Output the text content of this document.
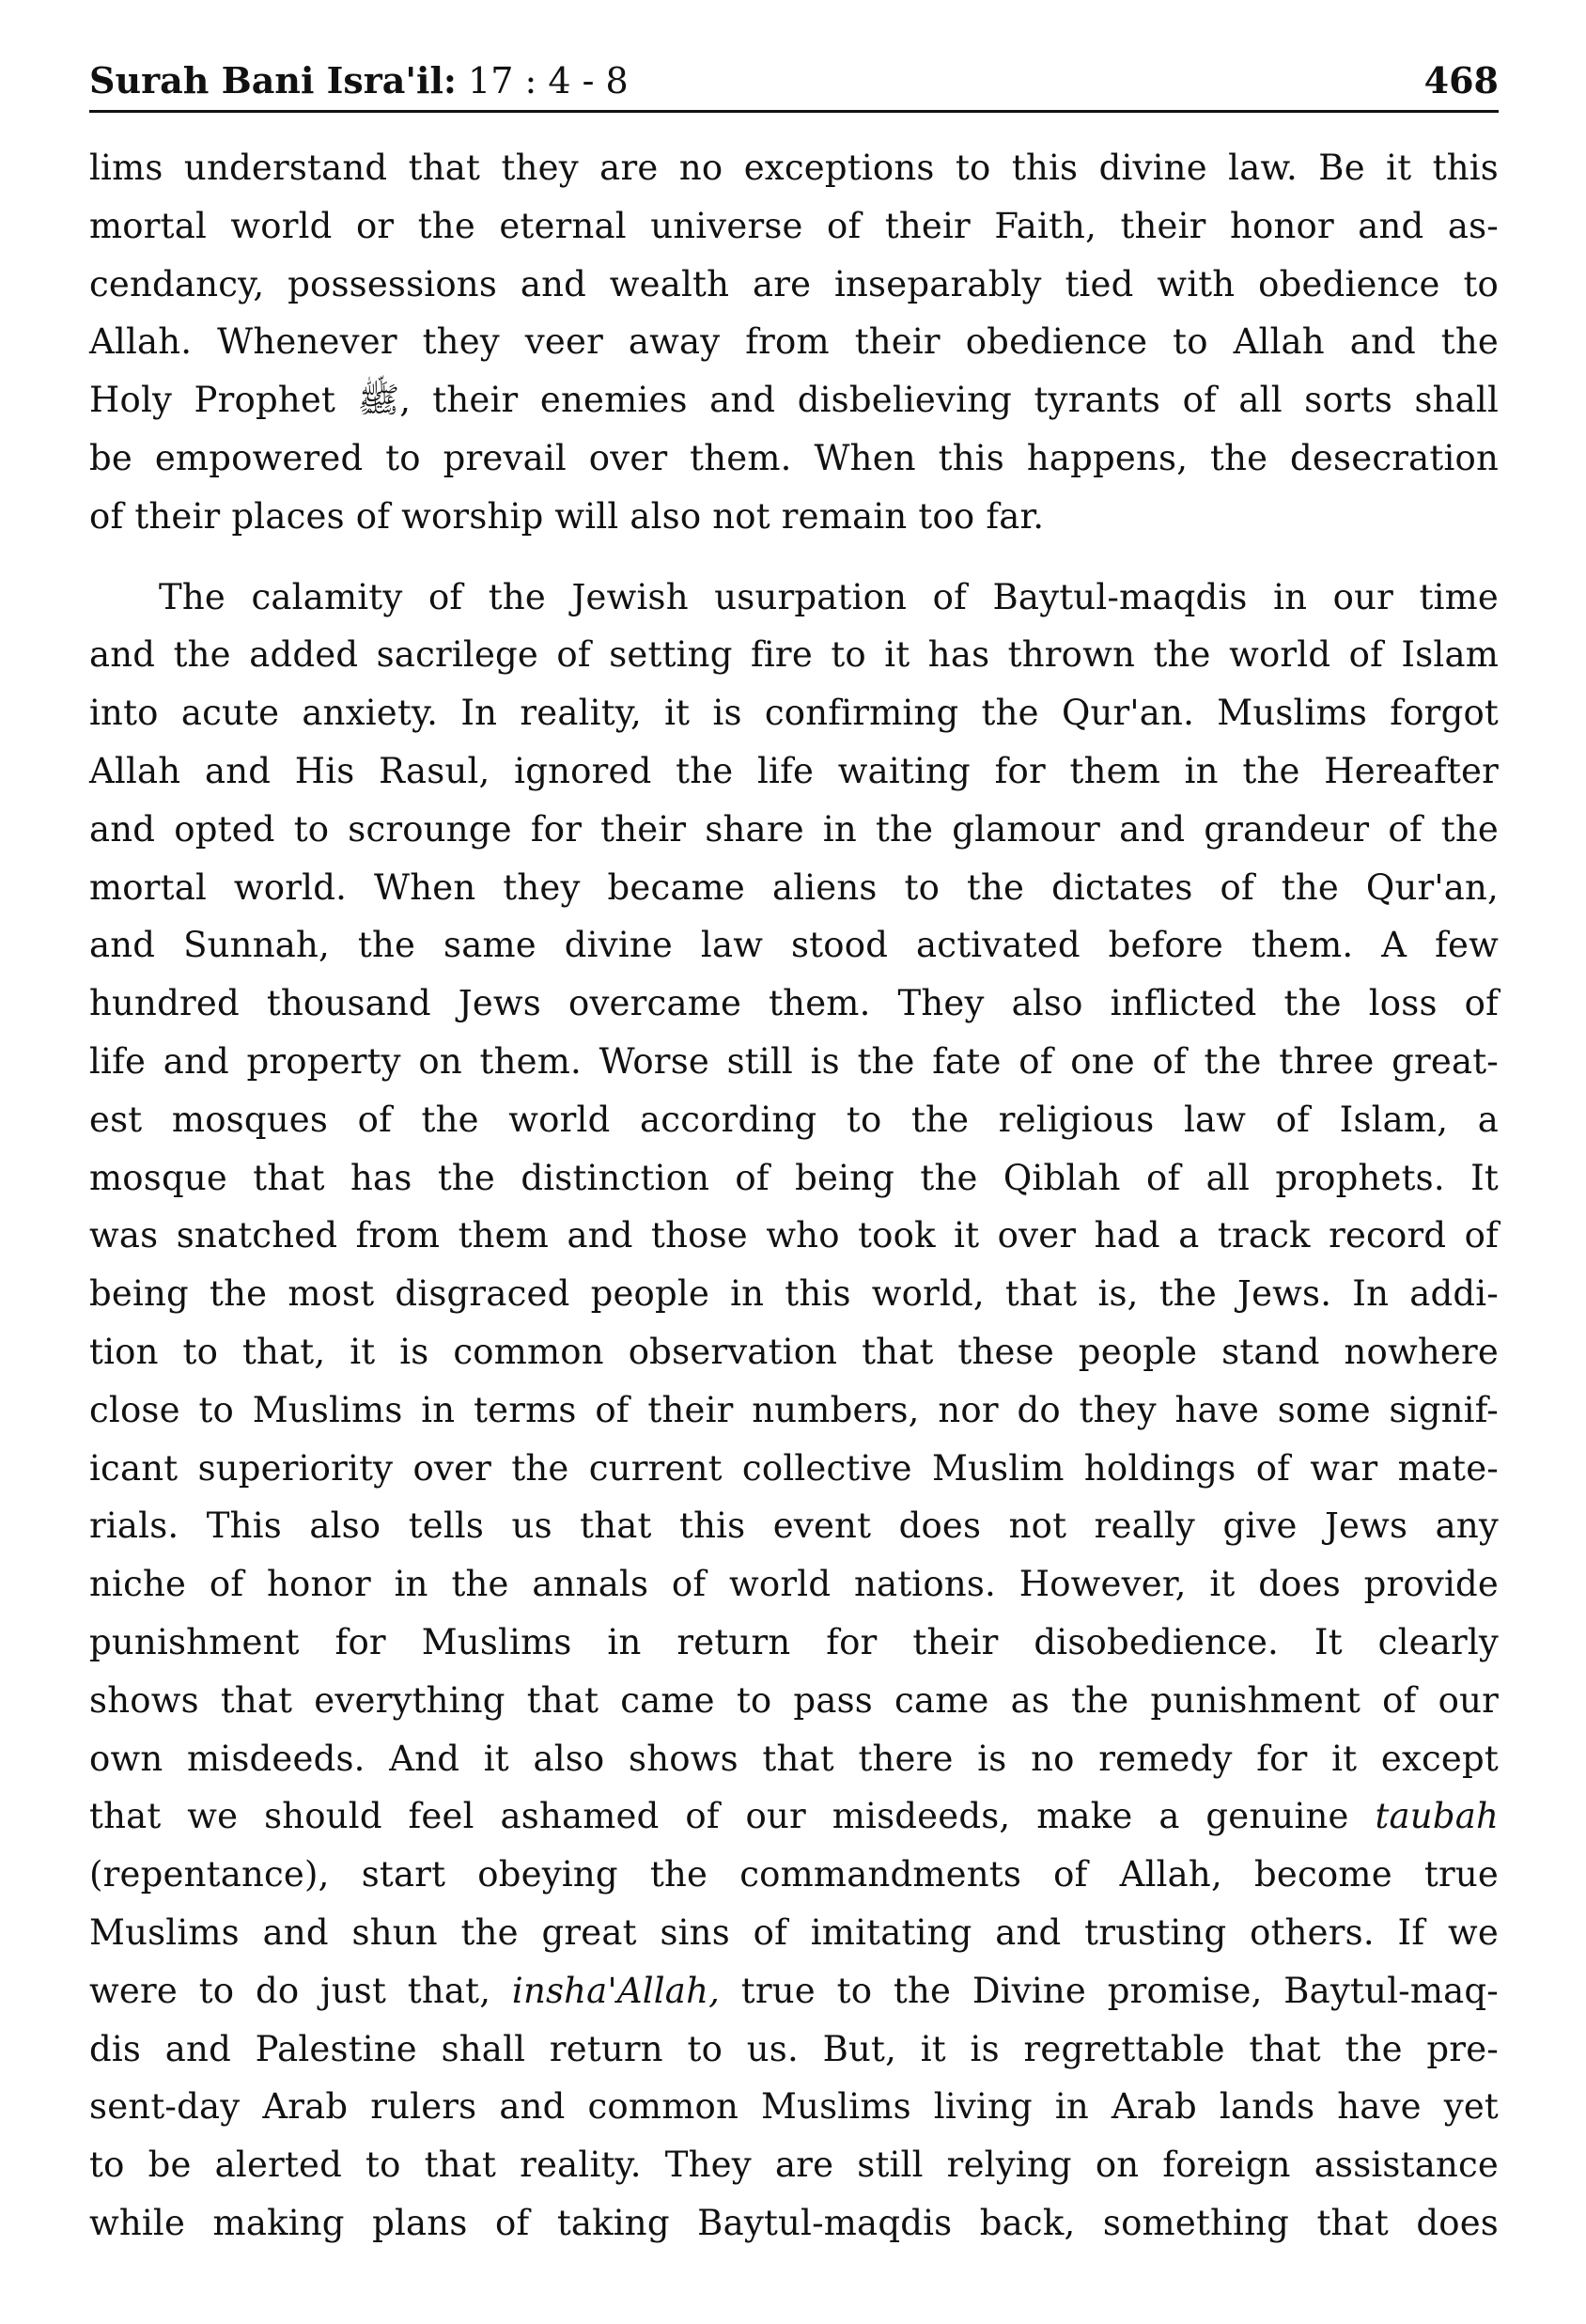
Surah Bani Isra'il: 17 : 4 - 8	468

lims understand that they are no exceptions to this divine law. Be it this
mortal world or the eternal universe of their Faith, their honor and as-
cendancy, possessions and wealth are inseparably tied with obedience to
Allah. Whenever they veer away from their obedience to Allah and the
Holy Prophet ﷺ, their enemies and disbelieving tyrants of all sorts shall
be empowered to prevail over them. When this happens, the desecration
of their places of worship will also not remain too far.

The calamity of the Jewish usurpation of Baytul-maqdis in our time
and the added sacrilege of setting fire to it has thrown the world of Islam
into acute anxiety. In reality, it is confirming the Qur'an. Muslims forgot
Allah and His Rasul, ignored the life waiting for them in the Hereafter
and opted to scrounge for their share in the glamour and grandeur of the
mortal world. When they became aliens to the dictates of the Qur'an,
and Sunnah, the same divine law stood activated before them. A few
hundred thousand Jews overcame them. They also inflicted the loss of
life and property on them. Worse still is the fate of one of the three great-
est mosques of the world according to the religious law of Islam, a
mosque that has the distinction of being the Qiblah of all prophets. It
was snatched from them and those who took it over had a track record of
being the most disgraced people in this world, that is, the Jews. In addi-
tion to that, it is common observation that these people stand nowhere
close to Muslims in terms of their numbers, nor do they have some signif-
icant superiority over the current collective Muslim holdings of war mate-
rials. This also tells us that this event does not really give Jews any
niche of honor in the annals of world nations. However, it does provide
punishment for Muslims in return for their disobedience. It clearly
shows that everything that came to pass came as the punishment of our
own misdeeds. And it also shows that there is no remedy for it except
that we should feel ashamed of our misdeeds, make a genuine taubah
(repentance), start obeying the commandments of Allah, become true
Muslims and shun the great sins of imitating and trusting others. If we
were to do just that, insha'Allah, true to the Divine promise, Baytul-maq-
dis and Palestine shall return to us. But, it is regrettable that the pre-
sent-day Arab rulers and common Muslims living in Arab lands have yet
to be alerted to that reality. They are still relying on foreign assistance
while making plans of taking Baytul-maqdis back, something that does
